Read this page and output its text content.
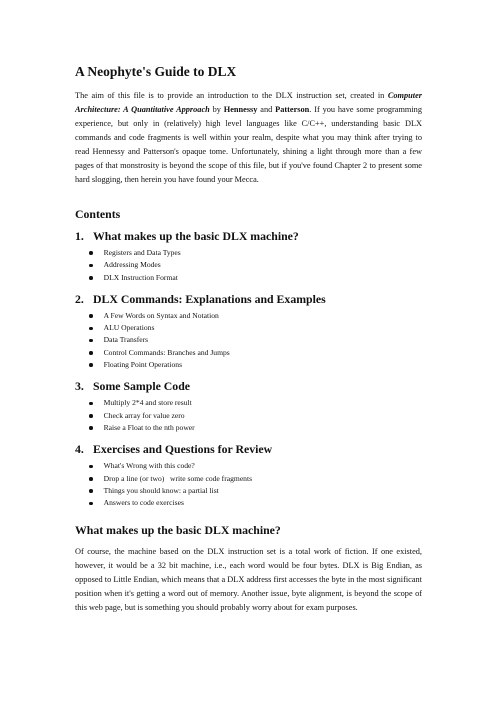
A Neophyte's Guide to DLX

The aim of this file is to provide an introduction to the DLX instruction set, created in Computer Architecture: A Quantitative Approach by Hennessy and Patterson. If you have some programming experience, but only in (relatively) high level languages like C/C++, understanding basic DLX commands and code fragments is well within your realm, despite what you may think after trying to read Hennessy and Patterson's opaque tome. Unfortunately, shining a light through more than a few pages of that monstrosity is beyond the scope of this file, but if you've found Chapter 2 to present some hard slogging, then herein you have found your Mecca.

Contents
1. What makes up the basic DLX machine?
Registers and Data Types
Addressing Modes
DLX Instruction Format
2. DLX Commands: Explanations and Examples
A Few Words on Syntax and Notation
ALU Operations
Data Transfers
Control Commands: Branches and Jumps
Floating Point Operations
3. Some Sample Code
Multiply 2*4 and store result
Check array for value zero
Raise a Float to the nth power
4. Exercises and Questions for Review
What's Wrong with this code?
Drop a line (or two)   write some code fragments
Things you should know: a partial list
Answers to code exercises
What makes up the basic DLX machine?

Of course, the machine based on the DLX instruction set is a total work of fiction. If one existed, however, it would be a 32 bit machine, i.e., each word would be four bytes. DLX is Big Endian, as opposed to Little Endian, which means that a DLX address first accesses the byte in the most significant position when it's getting a word out of memory. Another issue, byte alignment, is beyond the scope of this web page, but is something you should probably worry about for exam purposes.
